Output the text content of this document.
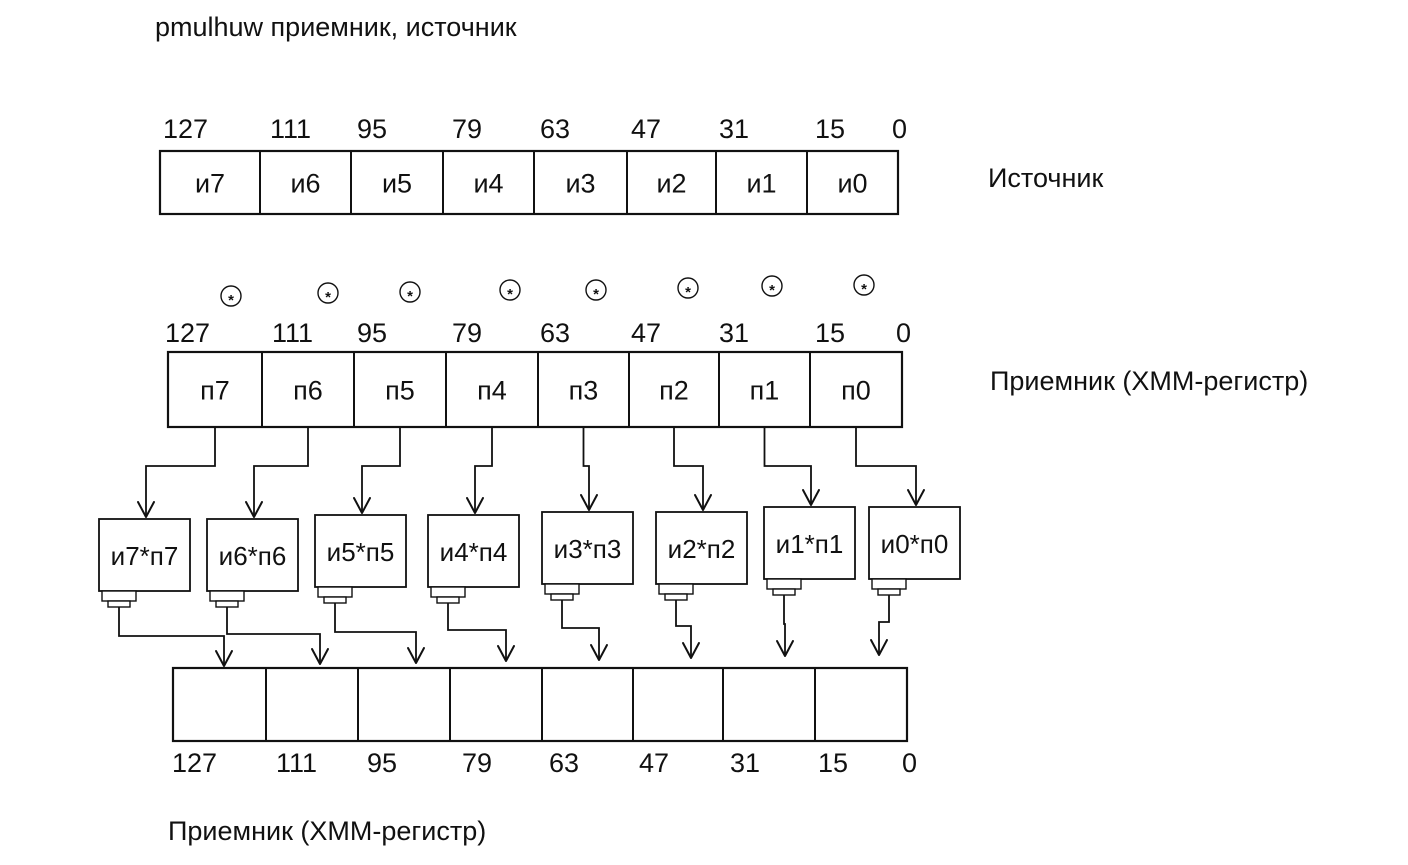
pmulhuw приемник, источник
127 111 95 79 63 47 31 15 0
и7 и6 и5 и4 и3 и2 и1 и0	Источник
*	*	*	*	*	*	*	*
127 111 95 79 63 47 31 15 0
п7 п6 п5 п4 п3 п2 п1 п0	Приемник (XMM-регистр)
и7*п7 и6*п6 и5*п5 и4*п4 и3*п3 и2*п2 и1*п1 и0*п0
127 111 95 79 63 47 31 15 0
Приемник (XMM-регистр)
